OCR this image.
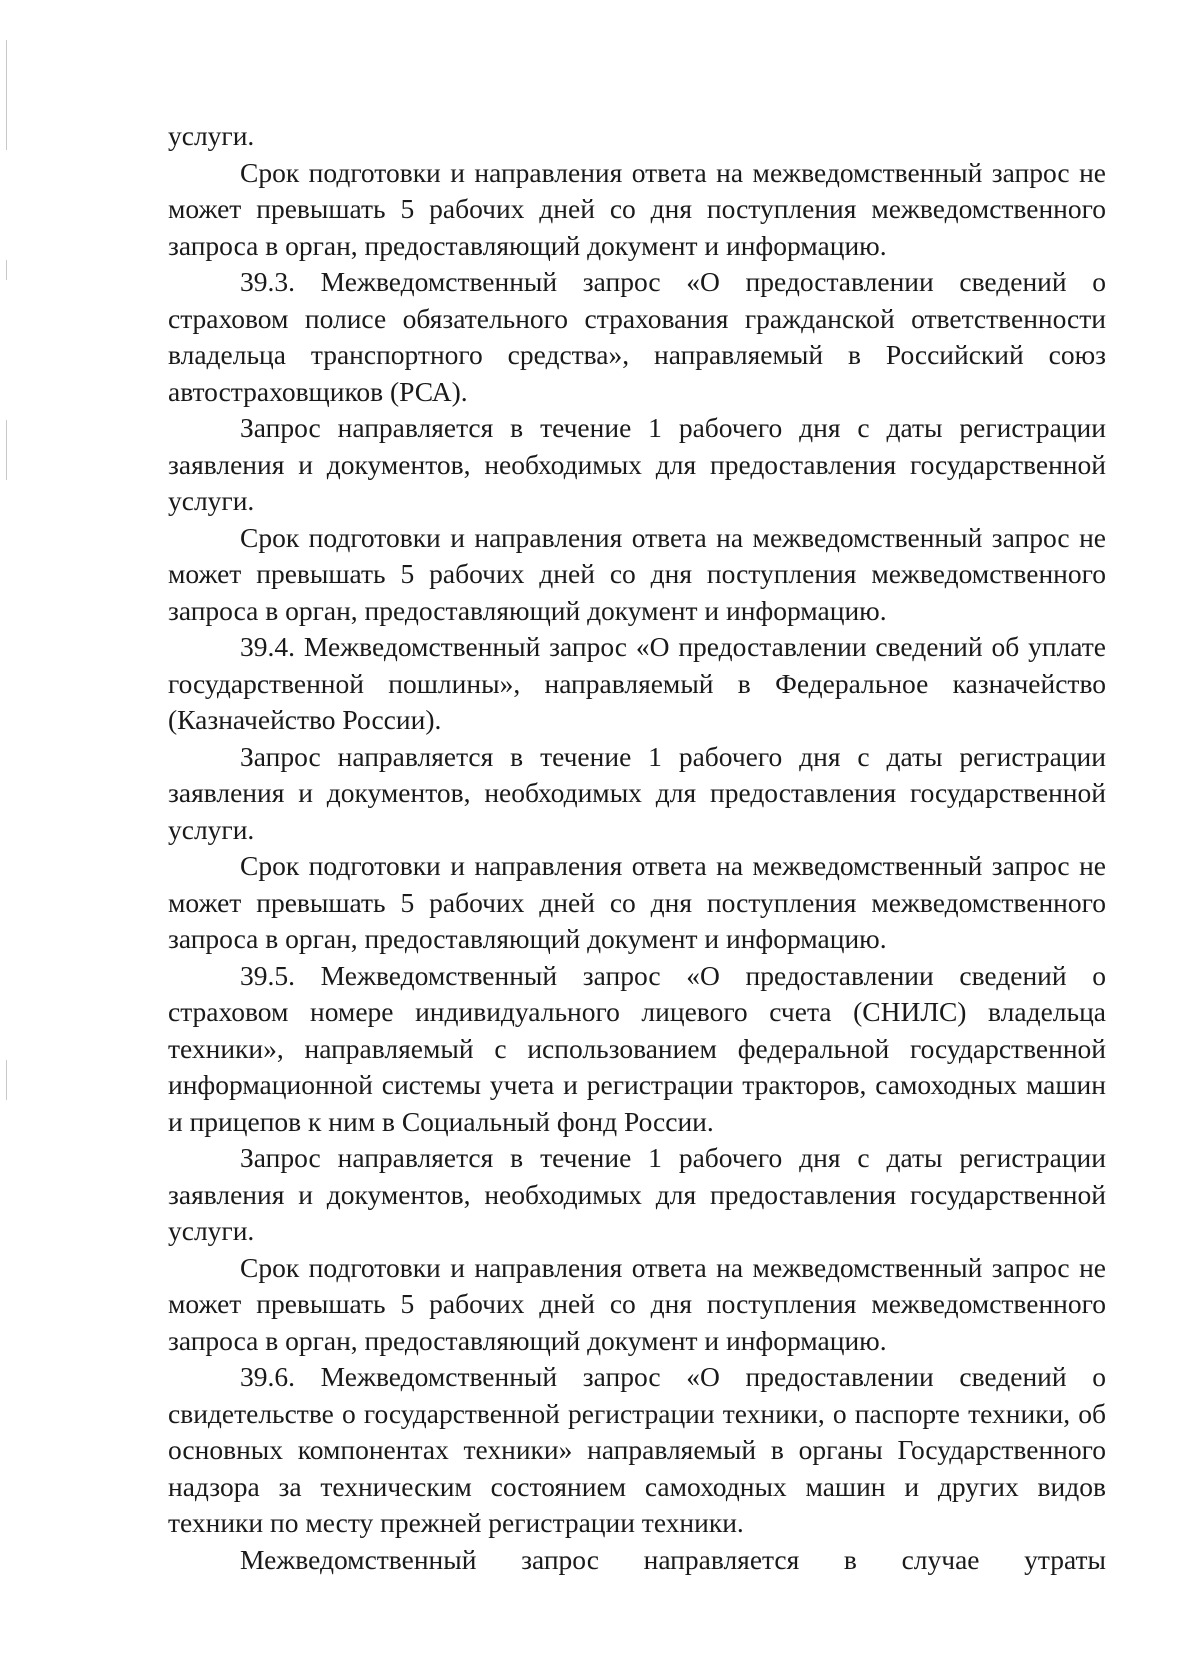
услуги.

Срок подготовки и направления ответа на межведомственный запрос не может превышать 5 рабочих дней со дня поступления межведомственного запроса в орган, предоставляющий документ и информацию.

39.3. Межведомственный запрос «О предоставлении сведений о страховом полисе обязательного страхования гражданской ответственности владельца транспортного средства», направляемый в Российский союз автостраховщиков (РСА).

Запрос направляется в течение 1 рабочего дня с даты регистрации заявления и документов, необходимых для предоставления государственной услуги.

Срок подготовки и направления ответа на межведомственный запрос не может превышать 5 рабочих дней со дня поступления межведомственного запроса в орган, предоставляющий документ и информацию.

39.4. Межведомственный запрос «О предоставлении сведений об уплате государственной пошлины», направляемый в Федеральное казначейство (Казначейство России).

Запрос направляется в течение 1 рабочего дня с даты регистрации заявления и документов, необходимых для предоставления государственной услуги.

Срок подготовки и направления ответа на межведомственный запрос не может превышать 5 рабочих дней со дня поступления межведомственного запроса в орган, предоставляющий документ и информацию.

39.5. Межведомственный запрос «О предоставлении сведений о страховом номере индивидуального лицевого счета (СНИЛС) владельца техники», направляемый с использованием федеральной государственной информационной системы учета и регистрации тракторов, самоходных машин и прицепов к ним в Социальный фонд России.

Запрос направляется в течение 1 рабочего дня с даты регистрации заявления и документов, необходимых для предоставления государственной услуги.

Срок подготовки и направления ответа на межведомственный запрос не может превышать 5 рабочих дней со дня поступления межведомственного запроса в орган, предоставляющий документ и информацию.

39.6. Межведомственный запрос «О предоставлении сведений о свидетельстве о государственной регистрации техники, о паспорте техники, об основных компонентах техники» направляемый в органы Государственного надзора за техническим состоянием самоходных машин и других видов техники по месту прежней регистрации техники.

Межведомственный запрос направляется в случае утраты
